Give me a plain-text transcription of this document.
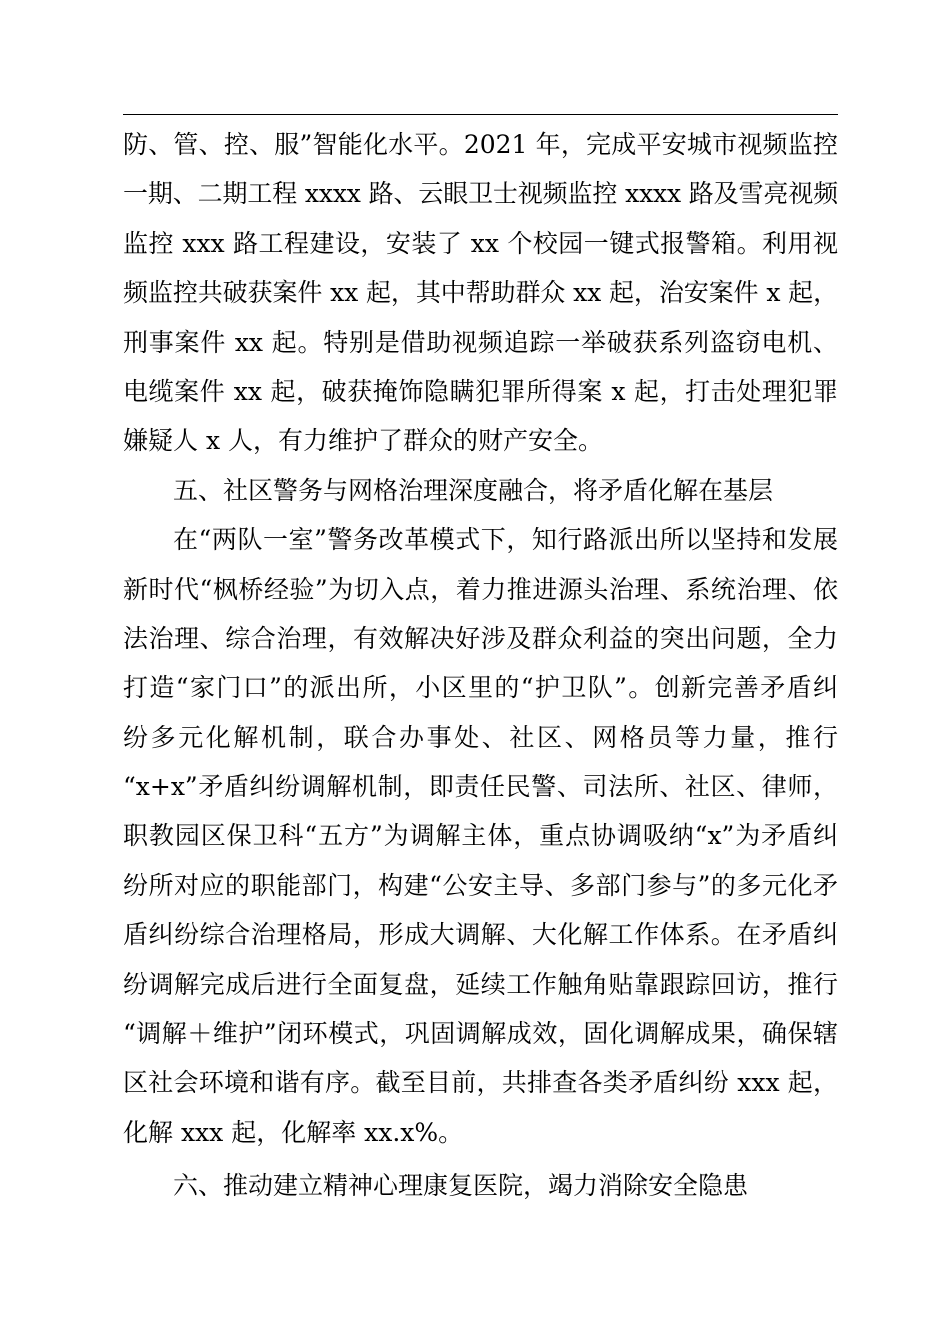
防、管、控、服”智能化水平。2021 年，完成平安城市视频监控
一期、二期工程 xxxx 路、云眼卫士视频监控 xxxx 路及雪亮视频
监控 xxx 路工程建设，安装了 xx 个校园一键式报警箱。利用视
频监控共破获案件 xx 起，其中帮助群众 xx 起，治安案件 x 起，
刑事案件 xx 起。特别是借助视频追踪一举破获系列盗窃电机、
电缆案件 xx 起，破获掩饰隐瞒犯罪所得案 x 起，打击处理犯罪
嫌疑人 x 人，有力维护了群众的财产安全。
五、社区警务与网格治理深度融合，将矛盾化解在基层
在“两队一室”警务改革模式下，知行路派出所以坚持和发展
新时代“枫桥经验”为切入点，着力推进源头治理、系统治理、依
法治理、综合治理，有效解决好涉及群众利益的突出问题，全力
打造“家门口”的派出所，小区里的“护卫队”。创新完善矛盾纠
纷多元化解机制，联合办事处、社区、网格员等力量，推行
“x+x”矛盾纠纷调解机制，即责任民警、司法所、社区、律师，
职教园区保卫科“五方”为调解主体，重点协调吸纳“x”为矛盾纠
纷所对应的职能部门，构建“公安主导、多部门参与”的多元化矛
盾纠纷综合治理格局，形成大调解、大化解工作体系。在矛盾纠
纷调解完成后进行全面复盘，延续工作触角贴靠跟踪回访，推行
“调解＋维护”闭环模式，巩固调解成效，固化调解成果，确保辖
区社会环境和谐有序。截至目前，共排查各类矛盾纠纷 xxx 起，
化解 xxx 起，化解率 xx.x%。
六、推动建立精神心理康复医院，竭力消除安全隐患
